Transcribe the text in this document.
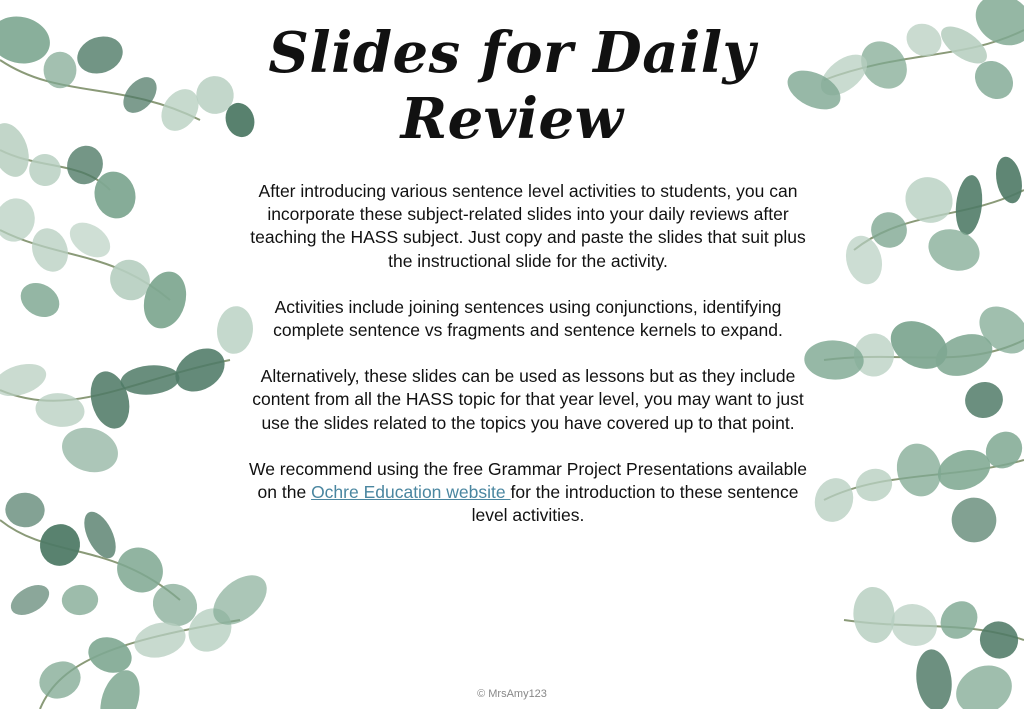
Slides for Daily
Review

After introducing various sentence level activities to students, you can incorporate these subject-related slides into your daily reviews after teaching the HASS subject. Just copy and paste the slides that suit plus the instructional slide for the activity.

Activities include joining sentences using conjunctions, identifying complete sentence vs fragments and sentence kernels to expand.

Alternatively, these slides can be used as lessons but as they include content from all the HASS topic for that year level, you may want to just use the slides related to the topics you have covered up to that point.

We recommend using the free Grammar Project Presentations available on the Ochre Education website for the introduction to these sentence level activities.

© MrsAmy123
